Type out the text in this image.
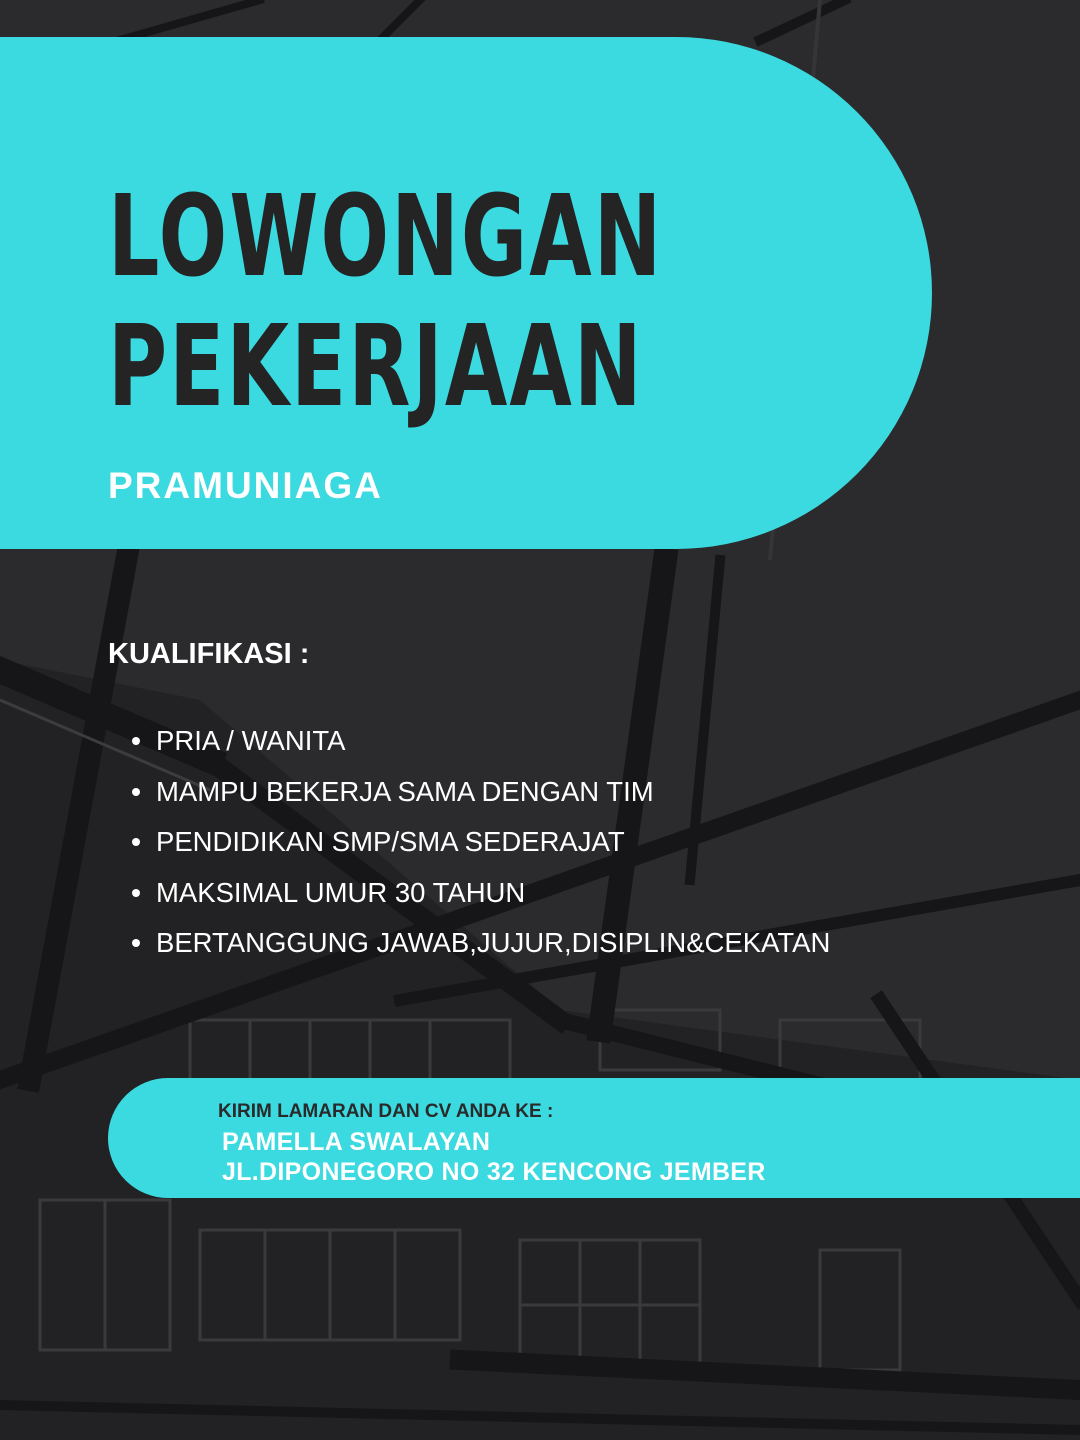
LOWONGAN
PEKERJAAN
PRAMUNIAGA
KUALIFIKASI :
PRIA / WANITA
MAMPU BEKERJA SAMA DENGAN TIM
PENDIDIKAN SMP/SMA SEDERAJAT
MAKSIMAL UMUR 30 TAHUN
BERTANGGUNG JAWAB,JUJUR,DISIPLIN&CEKATAN
KIRIM LAMARAN DAN CV ANDA KE :
PAMELLA SWALAYAN
JL.DIPONEGORO NO 32 KENCONG JEMBER
